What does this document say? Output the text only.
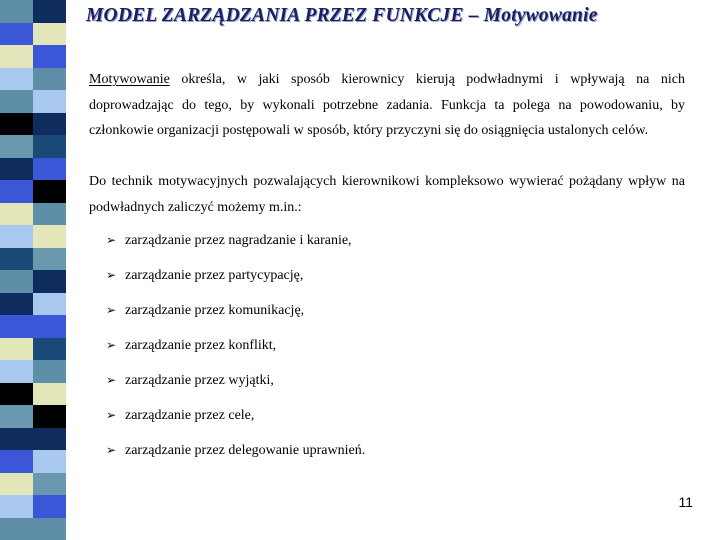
MODEL ZARZĄDZANIA PRZEZ FUNKCJE – Motywowanie
Motywowanie określa, w jaki sposób kierownicy kierują podwładnymi i wpływają na nich doprowadzając do tego, by wykonali potrzebne zadania. Funkcja ta polega na powodowaniu, by członkowie organizacji postępowali w sposób, który przyczyni się do osiągnięcia ustalonych celów.
Do technik motywacyjnych pozwalających kierownikowi kompleksowo wywierać pożądany wpływ na podwładnych zaliczyć możemy m.in.:
➢ zarządzanie przez nagradzanie i karanie,
➢ zarządzanie przez partycypację,
➢ zarządzanie przez komunikację,
➢ zarządzanie przez konflikt,
➢ zarządzanie przez wyjątki,
➢ zarządzanie przez cele,
➢ zarządzanie przez delegowanie uprawnień.
11
